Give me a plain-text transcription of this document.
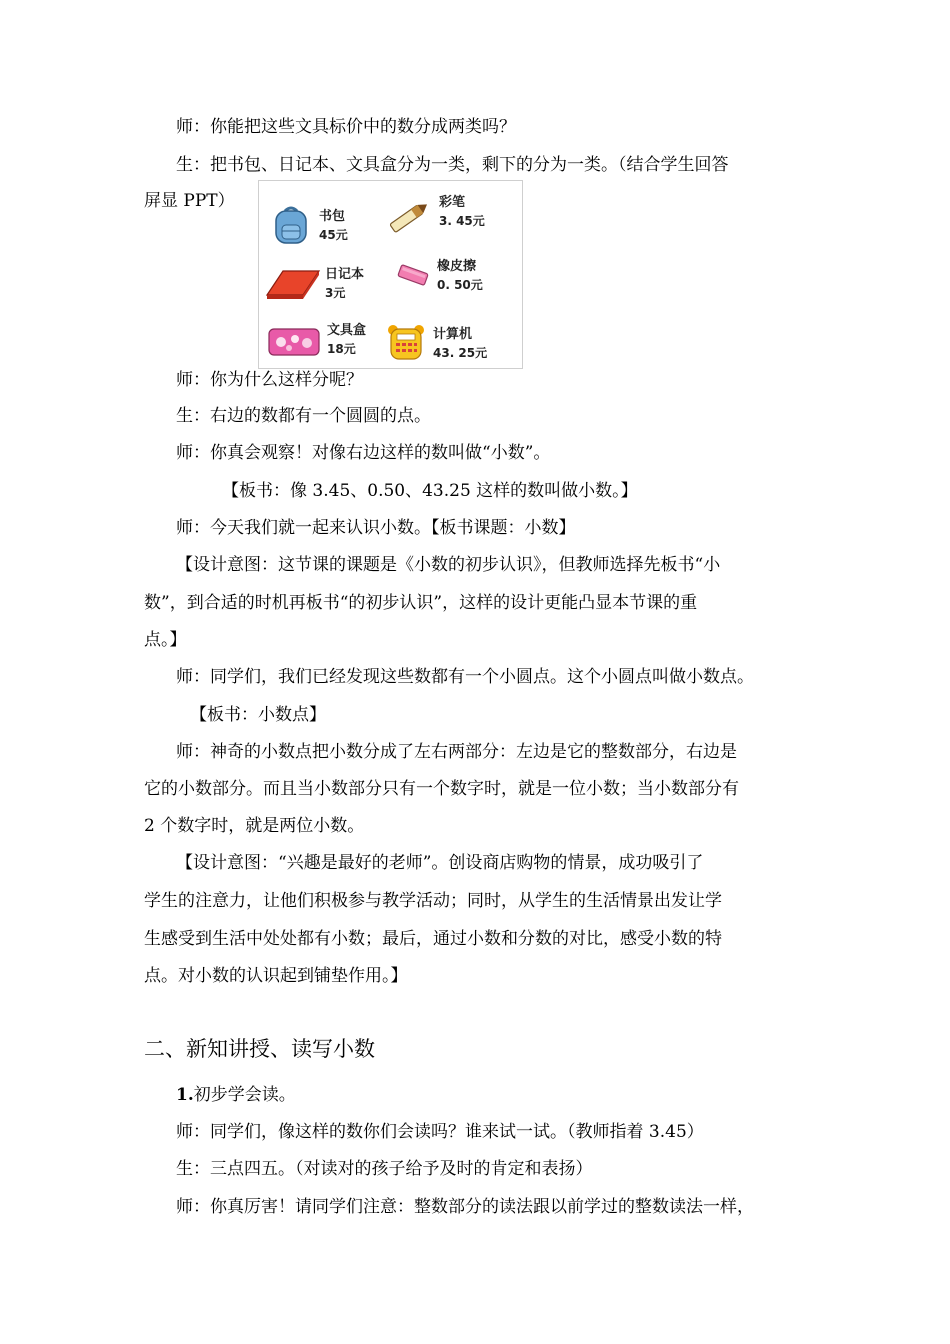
师：你能把这些文具标价中的数分成两类吗？
生：把书包、日记本、文具盒分为一类，剩下的分为一类。（结合学生回答
屏显 PPT）
书包
45元
彩笔
3. 45元
日记本
3元
橡皮擦
0. 50元
文具盒
18元
计算机
43. 25元
师：你为什么这样分呢？
生：右边的数都有一个圆圆的点。
师：你真会观察！对像右边这样的数叫做“小数”。
【板书：像 3.45、0.50、43.25 这样的数叫做小数。】
师：今天我们就一起来认识小数。【板书课题：小数】
【设计意图：这节课的课题是《小数的初步认识》，但教师选择先板书“小
数”，到合适的时机再板书“的初步认识”，这样的设计更能凸显本节课的重
点。】
师：同学们，我们已经发现这些数都有一个小圆点。这个小圆点叫做小数点。
【板书：小数点】
师：神奇的小数点把小数分成了左右两部分：左边是它的整数部分，右边是
它的小数部分。而且当小数部分只有一个数字时，就是一位小数；当小数部分有
2 个数字时，就是两位小数。
【设计意图：“兴趣是最好的老师”。创设商店购物的情景，成功吸引了
学生的注意力，让他们积极参与教学活动；同时，从学生的生活情景出发让学
生感受到生活中处处都有小数；最后，通过小数和分数的对比，感受小数的特
点。对小数的认识起到铺垫作用。】
二、新知讲授、读写小数
1.初步学会读。
师：同学们，像这样的数你们会读吗？谁来试一试。（教师指着 3.45）
生：三点四五。（对读对的孩子给予及时的肯定和表扬）
师：你真厉害！请同学们注意：整数部分的读法跟以前学过的整数读法一样，
